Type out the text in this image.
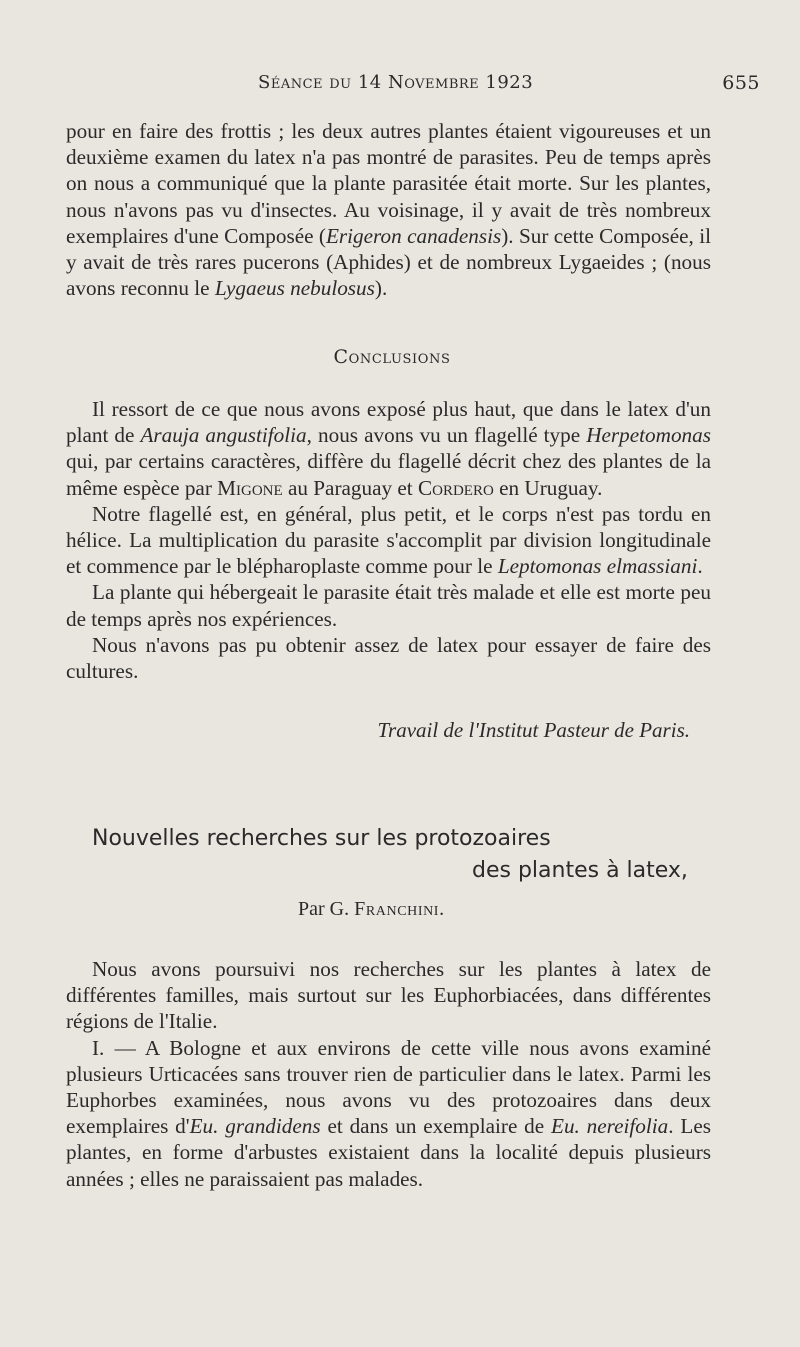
Séance du 14 Novembre 1923	655

pour en faire des frottis ; les deux autres plantes étaient vigoureuses et un deuxième examen du latex n'a pas montré de parasites. Peu de temps après on nous a communiqué que la plante parasitée était morte. Sur les plantes, nous n'avons pas vu d'insectes. Au voisinage, il y avait de très nombreux exemplaires d'une Composée (Erigeron canadensis). Sur cette Composée, il y avait de très rares pucerons (Aphides) et de nombreux Lygaeides ; (nous avons reconnu le Lygaeus nebulosus).

Conclusions

Il ressort de ce que nous avons exposé plus haut, que dans le latex d'un plant de Arauja angustifolia, nous avons vu un flagellé type Herpetomonas qui, par certains caractères, diffère du flagellé décrit chez des plantes de la même espèce par Migone au Paraguay et Cordero en Uruguay.

Notre flagellé est, en général, plus petit, et le corps n'est pas tordu en hélice. La multiplication du parasite s'accomplit par division longitudinale et commence par le blépharoplaste comme pour le Leptomonas elmassiani.

La plante qui hébergeait le parasite était très malade et elle est morte peu de temps après nos expériences.

Nous n'avons pas pu obtenir assez de latex pour essayer de faire des cultures.

Travail de l'Institut Pasteur de Paris.
Nouvelles recherches sur les protozoaires
des plantes à latex,
Par G. Franchini.

Nous avons poursuivi nos recherches sur les plantes à latex de différentes familles, mais surtout sur les Euphorbiacées, dans différentes régions de l'Italie.

I. — A Bologne et aux environs de cette ville nous avons examiné plusieurs Urticacées sans trouver rien de particulier dans le latex. Parmi les Euphorbes examinées, nous avons vu des protozoaires dans deux exemplaires d'Eu. grandidens et dans un exemplaire de Eu. nereifolia. Les plantes, en forme d'arbustes existaient dans la localité depuis plusieurs années ; elles ne paraissaient pas malades.
